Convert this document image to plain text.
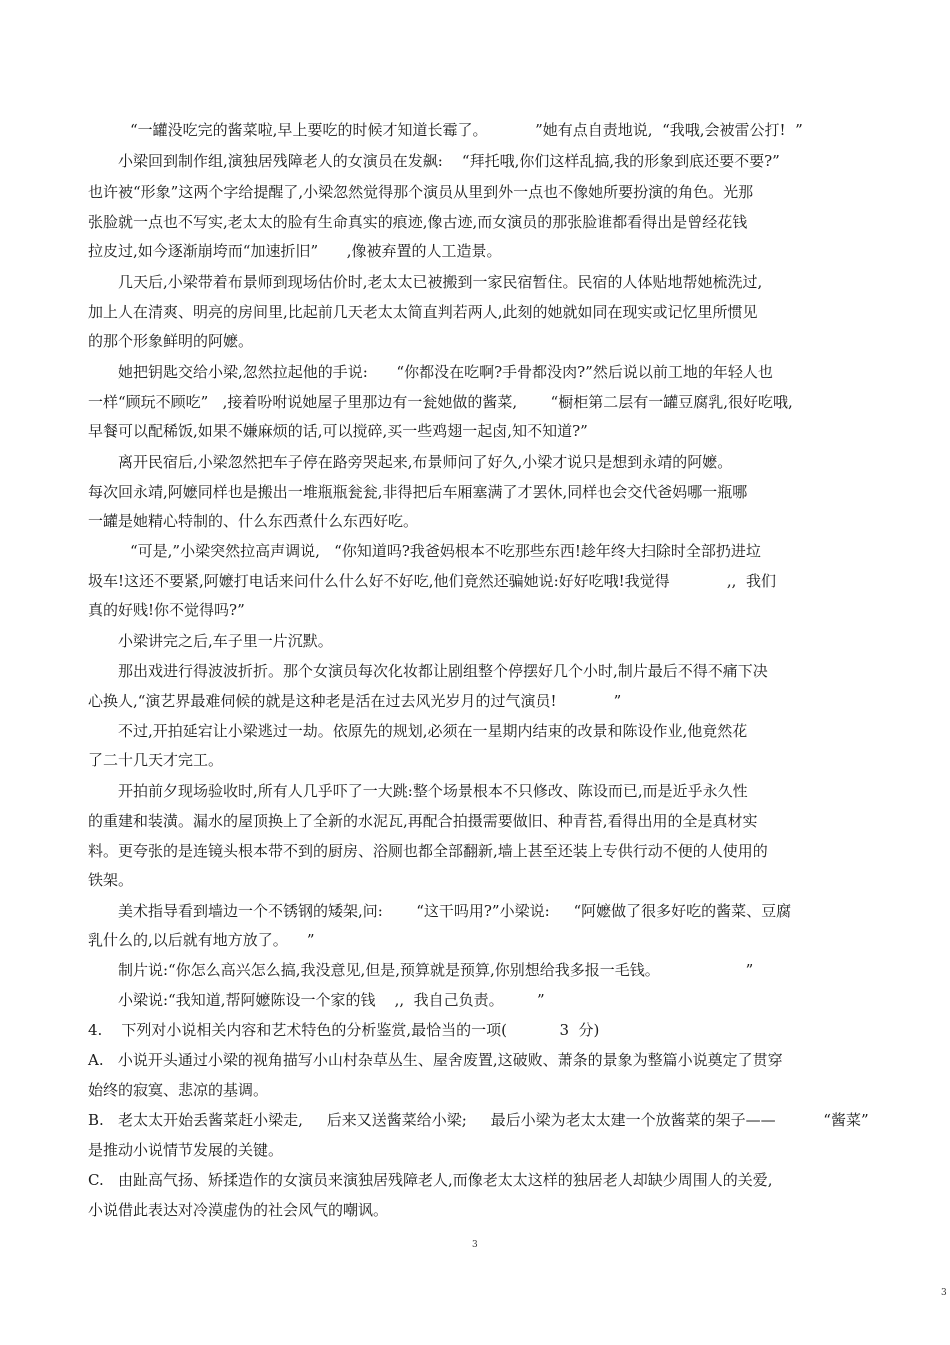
“一罐没吃完的酱菜啦,早上要吃的时候才知道长霉了。          ”她有点自责地说,  “我哦,会被雷公打!  ”
小梁回到制作组,演独居残障老人的女演员在发飙:    “拜托哦,你们这样乱搞,我的形象到底还要不要?”
也许被“形象”这两个字给提醒了,小梁忽然觉得那个演员从里到外一点也不像她所要扮演的角色。光那
张脸就一点也不写实,老太太的脸有生命真实的痕迹,像古迹,而女演员的那张脸谁都看得出是曾经花钱
拉皮过,如今逐渐崩垮而“加速折旧”      ,像被弃置的人工造景。
几天后,小梁带着布景师到现场估价时,老太太已被搬到一家民宿暂住。民宿的人体贴地帮她梳洗过,
加上人在清爽、明亮的房间里,比起前几天老太太简直判若两人,此刻的她就如同在现实或记忆里所惯见
的那个形象鲜明的阿嬷。
她把钥匙交给小梁,忽然拉起他的手说:      “你都没在吃啊?手骨都没肉?”然后说以前工地的年轻人也
一样“顾玩不顾吃”   ,接着吩咐说她屋子里那边有一瓮她做的酱菜,       “橱柜第二层有一罐豆腐乳,很好吃哦,
早餐可以配稀饭,如果不嫌麻烦的话,可以搅碎,买一些鸡翅一起卤,知不知道?”
离开民宿后,小梁忽然把车子停在路旁哭起来,布景师问了好久,小梁才说只是想到永靖的阿嬷。
每次回永靖,阿嬷同样也是搬出一堆瓶瓶瓮瓮,非得把后车厢塞满了才罢休,同样也会交代爸妈哪一瓶哪
一罐是她精心特制的、什么东西煮什么东西好吃。
“可是,”小梁突然拉高声调说,   “你知道吗?我爸妈根本不吃那些东西!趁年终大扫除时全部扔进垃
圾车!这还不要紧,阿嬷打电话来问什么什么好不好吃,他们竟然还骗她说:好好吃哦!我觉得            ,,  我们
真的好贱!你不觉得吗?”
小梁讲完之后,车子里一片沉默。
那出戏进行得波波折折。那个女演员每次化妆都让剧组整个停摆好几个小时,制片最后不得不痛下决
心换人,“演艺界最难伺候的就是这种老是活在过去风光岁月的过气演员!            ”
不过,开拍延宕让小梁逃过一劫。依原先的规划,必须在一星期内结束的改景和陈设作业,他竟然花
了二十几天才完工。
开拍前夕现场验收时,所有人几乎吓了一大跳:整个场景根本不只修改、陈设而已,而是近乎永久性
的重建和装潢。漏水的屋顶换上了全新的水泥瓦,再配合拍摄需要做旧、种青苔,看得出用的全是真材实
料。更夸张的是连镜头根本带不到的厨房、浴厕也都全部翻新,墙上甚至还装上专供行动不便的人使用的
铁架。
美术指导看到墙边一个不锈钢的矮架,问:       “这干吗用?”小梁说:     “阿嬷做了很多好吃的酱菜、豆腐
乳什么的,以后就有地方放了。    ”
制片说:“你怎么高兴怎么搞,我没意见,但是,预算就是预算,你别想给我多报一毛钱。                  ”
小梁说:“我知道,帮阿嬷陈设一个家的钱    ,,  我自己负责。       ”
4.    下列对小说相关内容和艺术特色的分析鉴赏,最恰当的一项(           3  分)
A.   小说开头通过小梁的视角描写小山村杂草丛生、屋舍废置,这破败、萧条的景象为整篇小说奠定了贯穿
始终的寂寞、悲凉的基调。
B.   老太太开始丢酱菜赶小梁走,     后来又送酱菜给小梁;     最后小梁为老太太建一个放酱菜的架子——          “酱菜”
是推动小说情节发展的关键。
C.   由趾高气扬、矫揉造作的女演员来演独居残障老人,而像老太太这样的独居老人却缺少周围人的关爱,
小说借此表达对冷漠虚伪的社会风气的嘲讽。
3
3
